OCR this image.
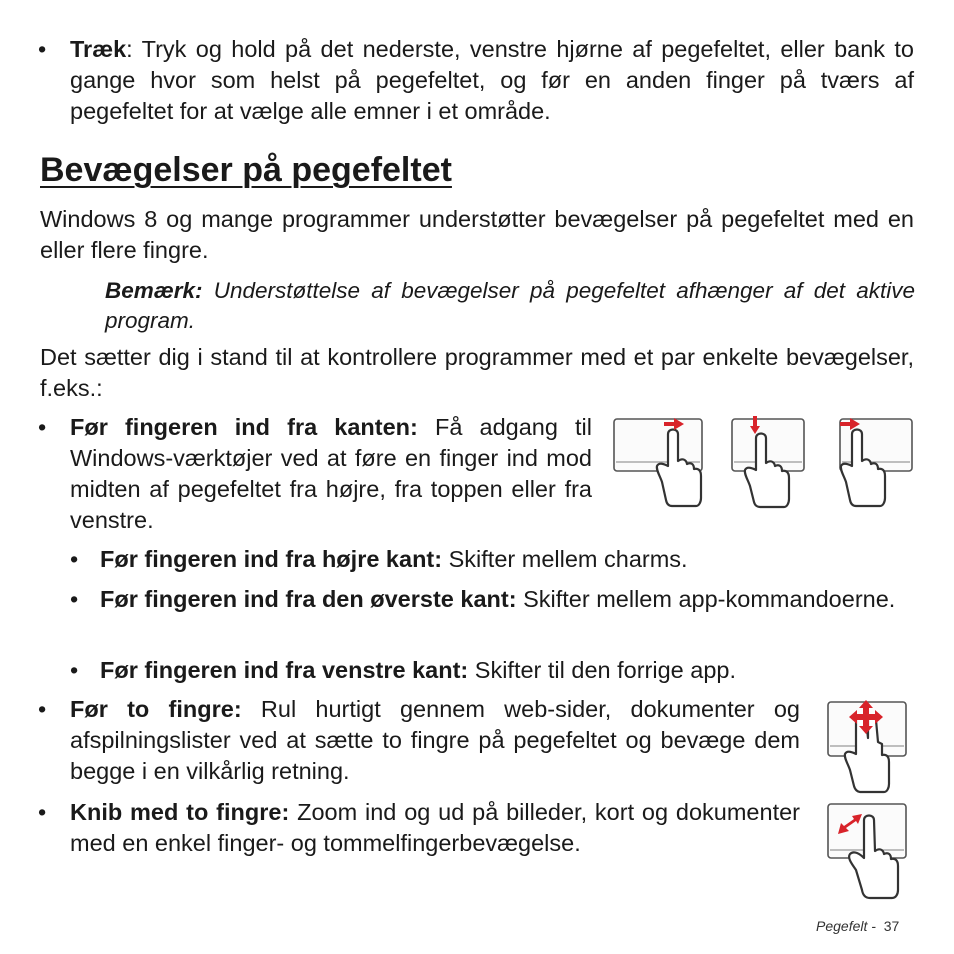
• Træk: Tryk og hold på det nederste, venstre hjørne af pegefeltet, eller bank to gange hvor som helst på pegefeltet, og før en anden finger på tværs af pegefeltet for at vælge alle emner i et område.
Bevægelser på pegefeltet

Windows 8 og mange programmer understøtter bevægelser på pegefeltet med en eller flere fingre.

Bemærk: Understøttelse af bevægelser på pegefeltet afhænger af det aktive program.

Det sætter dig i stand til at kontrollere programmer med et par enkelte bevægelser, f.eks.:

• Før fingeren ind fra kanten: Få adgang til Windows-værktøjer ved at føre en finger ind mod midten af pegefeltet fra højre, fra toppen eller fra venstre.
• Før fingeren ind fra højre kant: Skifter mellem charms.
• Før fingeren ind fra den øverste kant: Skifter mellem app-kommandoerne.
• Før fingeren ind fra venstre kant: Skifter til den forrige app.
• Før to fingre: Rul hurtigt gennem web-sider, dokumenter og afspilningslister ved at sætte to fingre på pegefeltet og bevæge dem begge i en vilkårlig retning.
• Knib med to fingre: Zoom ind og ud på billeder, kort og dokumenter med en enkel finger- og tommelfingerbevægelse.
Pegefelt - 37
